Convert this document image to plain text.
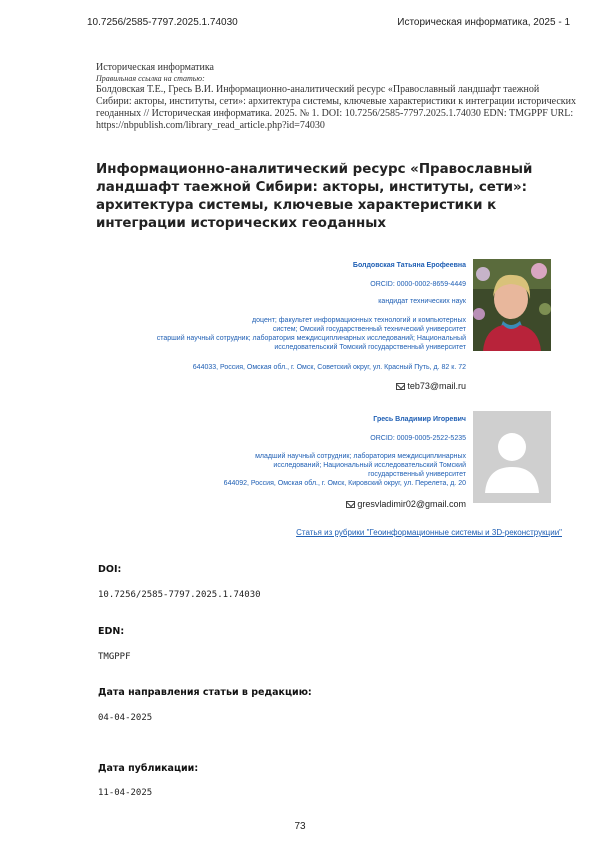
10.7256/2585-7797.2025.1.74030	Историческая информатика, 2025 - 1
Историческая информатика
Правильная ссылка на статью:
Болдовская Т.Е., Гресь В.И. Информационно-аналитический ресурс «Православный ландшафт таежной Сибири: акторы, институты, сети»: архитектура системы, ключевые характеристики к интеграции исторических геоданных // Историческая информатика. 2025. № 1. DOI: 10.7256/2585-7797.2025.1.74030 EDN: TMGPPF URL: https://nbpublish.com/library_read_article.php?id=74030
Информационно-аналитический ресурс «Православный ландшафт таежной Сибири: акторы, институты, сети»: архитектура системы, ключевые характеристики к интеграции исторических геоданных
Болдовская Татьяна Ерофеевна
ORCID: 0000-0002-8659-4449
кандидат технических наук
доцент; факультет информационных технологий и компьютерных систем; Омский государственный технический университет
старший научный сотрудник; лаборатория междисциплинарных исследований; Национальный исследовательский Томский государственный университет
644033, Россия, Омская обл., г. Омск, Советский округ, ул. Красный Путь, д. 82 к. 72
teb73@mail.ru
Гресь Владимир Игоревич
ORCID: 0009-0005-2522-5235
младший научный сотрудник; лаборатория междисциплинарных исследований; Национальный исследовательский Томский государственный университет
644092, Россия, Омская обл., г. Омск, Кировский округ, ул. Перелета, д. 20
gresvladimir02@gmail.com
Статья из рубрики "Геоинформационные системы и 3D-реконструкции"
DOI:
10.7256/2585-7797.2025.1.74030
EDN:
TMGPPF
Дата направления статьи в редакцию:
04-04-2025
Дата публикации:
11-04-2025
73
